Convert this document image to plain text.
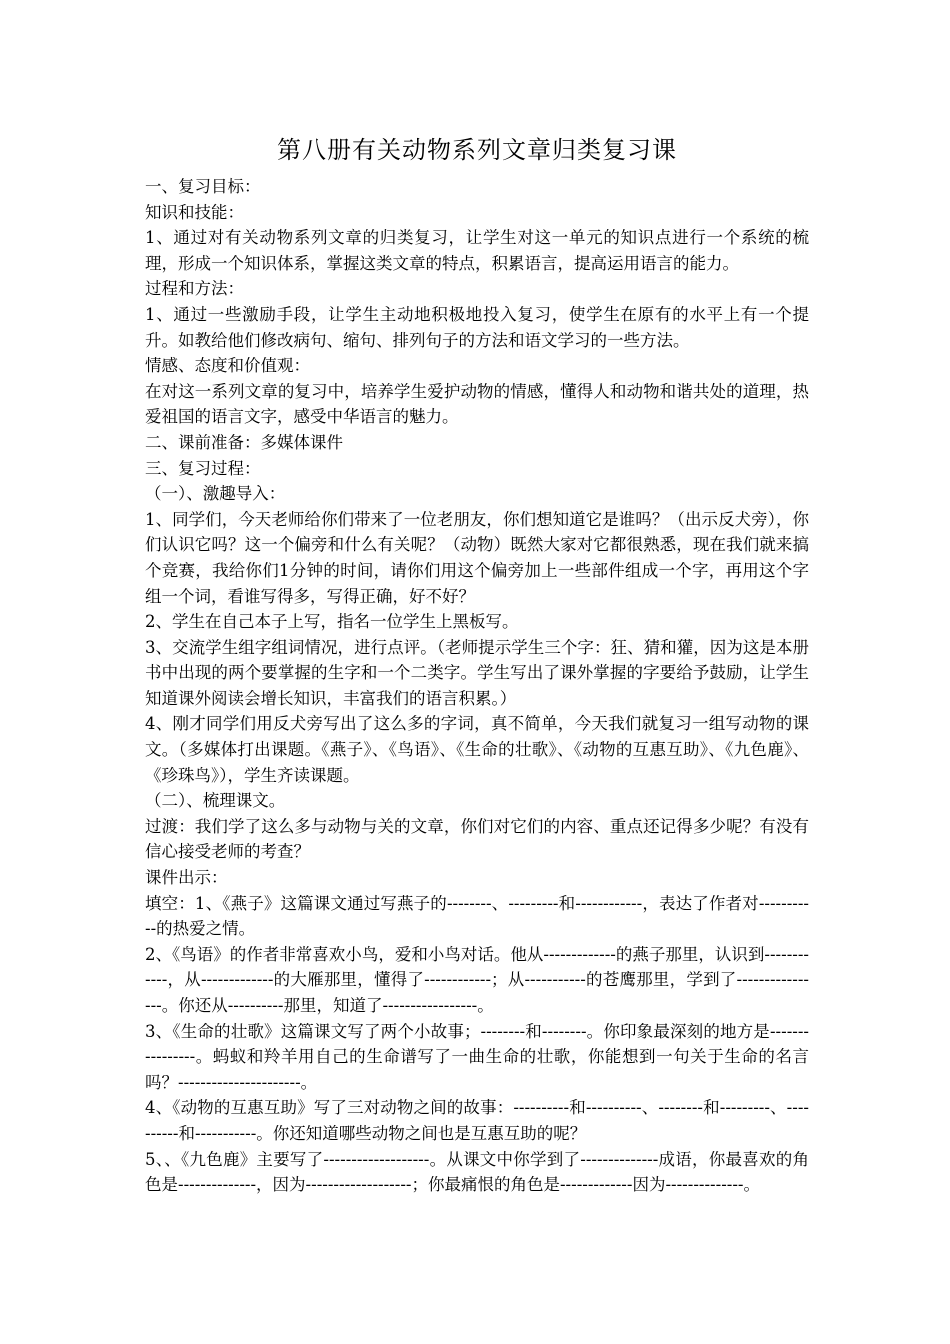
第八册有关动物系列文章归类复习课

一、复习目标：

知识和技能：

1、通过对有关动物系列文章的归类复习，让学生对这一单元的知识点进行一个系统的梳理，形成一个知识体系，掌握这类文章的特点，积累语言，提高运用语言的能力。

过程和方法：

1、通过一些激励手段，让学生主动地积极地投入复习，使学生在原有的水平上有一个提升。如教给他们修改病句、缩句、排列句子的方法和语文学习的一些方法。

情感、态度和价值观：

在对这一系列文章的复习中，培养学生爱护动物的情感，懂得人和动物和谐共处的道理，热爱祖国的语言文字，感受中华语言的魅力。

二、课前准备：多媒体课件

三、复习过程：

（一）、激趣导入：

1、同学们，今天老师给你们带来了一位老朋友，你们想知道它是谁吗？（出示反犬旁），你们认识它吗？这一个偏旁和什么有关呢？（动物）既然大家对它都很熟悉，现在我们就来搞个竞赛，我给你们1分钟的时间，请你们用这个偏旁加上一些部件组成一个字，再用这个字组一个词，看谁写得多，写得正确，好不好？

2、学生在自己本子上写，指名一位学生上黑板写。

3、交流学生组字组词情况，进行点评。（老师提示学生三个字：狂、猜和獾，因为这是本册书中出现的两个要掌握的生字和一个二类字。学生写出了课外掌握的字要给予鼓励，让学生知道课外阅读会增长知识，丰富我们的语言积累。）

4、刚才同学们用反犬旁写出了这么多的字词，真不简单，今天我们就复习一组写动物的课文。（多媒体打出课题。《燕子》、《鸟语》、《生命的壮歌》、《动物的互惠互助》、《九色鹿》、《珍珠鸟》），学生齐读课题。

（二）、梳理课文。

过渡：我们学了这么多与动物与关的文章，你们对它们的内容、重点还记得多少呢？有没有信心接受老师的考查？

课件出示：

填空：1、《燕子》这篇课文通过写燕子的--------、---------和------------，表达了作者对-----------的热爱之情。

2、《鸟语》的作者非常喜欢小鸟，爱和小鸟对话。他从-------------的燕子那里，认识到------------，从-------------的大雁那里，懂得了------------；从-----------的苍鹰那里，学到了----------------。你还从----------那里，知道了-----------------。

3、《生命的壮歌》这篇课文写了两个小故事；--------和--------。你印象最深刻的地方是----------------。蚂蚁和羚羊用自己的生命谱写了一曲生命的壮歌，你能想到一句关于生命的名言吗？----------------------。

4、《动物的互惠互助》写了三对动物之间的故事：----------和----------、--------和---------、----------和-----------。你还知道哪些动物之间也是互惠互助的呢？

5、、《九色鹿》主要写了-------------------。从课文中你学到了--------------成语，你最喜欢的角色是--------------，因为-------------------；你最痛恨的角色是-------------因为--------------。
